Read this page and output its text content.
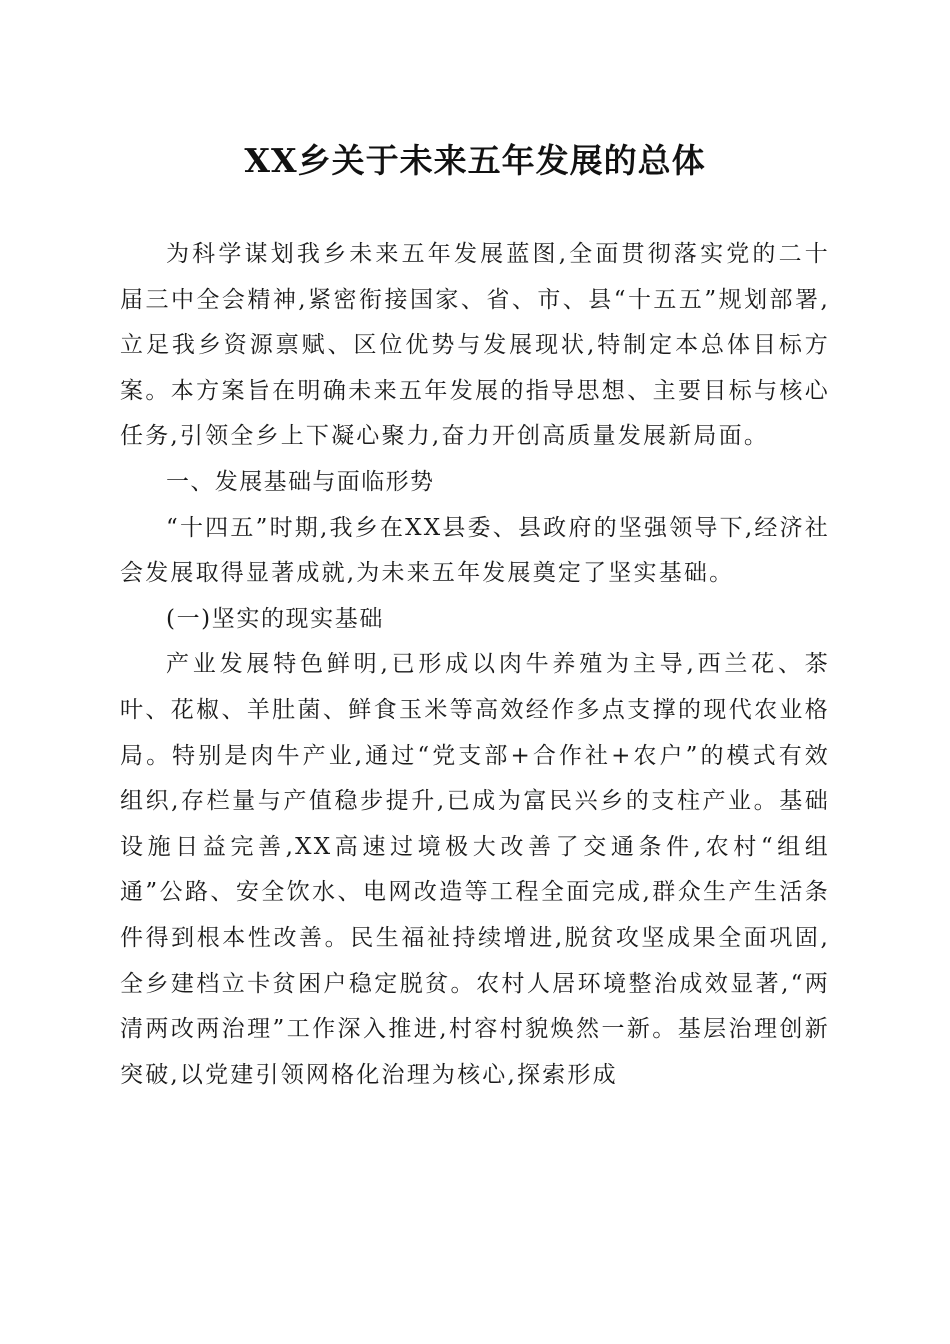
XX乡关于未来五年发展的总体

为科学谋划我乡未来五年发展蓝图,全面贯彻落实党的二十届三中全会精神,紧密衔接国家、省、市、县“十五五”规划部署,立足我乡资源禀赋、区位优势与发展现状,特制定本总体目标方案。本方案旨在明确未来五年发展的指导思想、主要目标与核心任务,引领全乡上下凝心聚力,奋力开创高质量发展新局面。

一、发展基础与面临形势

“十四五”时期,我乡在XX县委、县政府的坚强领导下,经济社会发展取得显著成就,为未来五年发展奠定了坚实基础。

(一)坚实的现实基础

产业发展特色鲜明,已形成以肉牛养殖为主导,西兰花、茶叶、花椒、羊肚菌、鲜食玉米等高效经作多点支撑的现代农业格局。特别是肉牛产业,通过“党支部+合作社+农户”的模式有效组织,存栏量与产值稳步提升,已成为富民兴乡的支柱产业。基础设施日益完善,XX高速过境极大改善了交通条件,农村“组组通”公路、安全饮水、电网改造等工程全面完成,群众生产生活条件得到根本性改善。民生福祉持续增进,脱贫攻坚成果全面巩固,全乡建档立卡贫困户稳定脱贫。农村人居环境整治成效显著,“两清两改两治理”工作深入推进,村容村貌焕然一新。基层治理创新突破,以党建引领网格化治理为核心,探索形成
